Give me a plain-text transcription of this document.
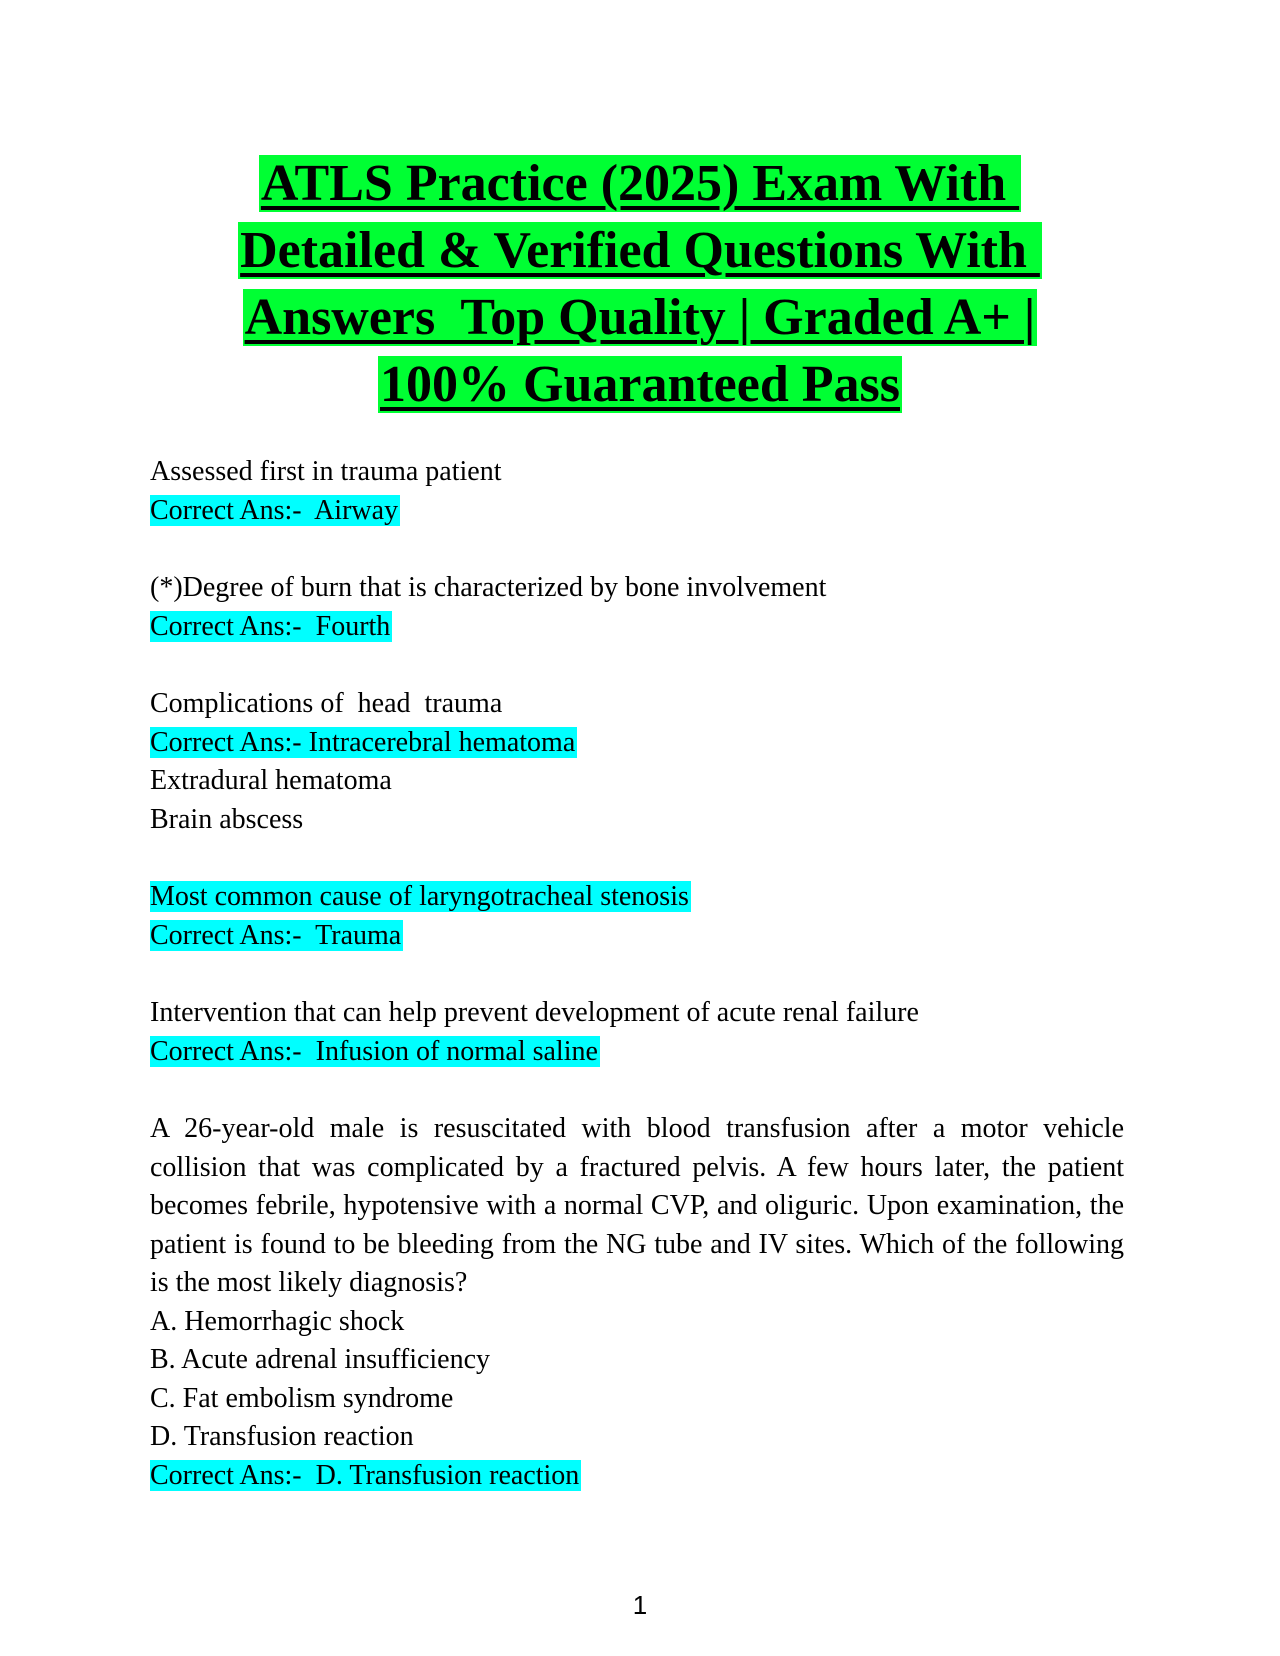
ATLS Practice (2025) Exam With
Detailed & Verified Questions With
Answers  Top Quality | Graded A+ |
100% Guaranteed Pass
Assessed first in trauma patient
Correct Ans:-  Airway
(*)Degree of burn that is characterized by bone involvement
Correct Ans:-  Fourth
Complications of  head  trauma
Correct Ans:- Intracerebral hematoma
Extradural hematoma
Brain abscess
Most common cause of laryngotracheal stenosis
Correct Ans:-  Trauma
Intervention that can help prevent development of acute renal failure
Correct Ans:-  Infusion of normal saline
A 26-year-old male is resuscitated with blood transfusion after a motor vehicle collision that was complicated by a fractured pelvis. A few hours later, the patient becomes febrile, hypotensive with a normal CVP, and oliguric. Upon examination, the patient is found to be bleeding from the NG tube and IV sites. Which of the following is the most likely diagnosis?
A. Hemorrhagic shock
B. Acute adrenal insufficiency
C. Fat embolism syndrome
D. Transfusion reaction
Correct Ans:-  D. Transfusion reaction
1
